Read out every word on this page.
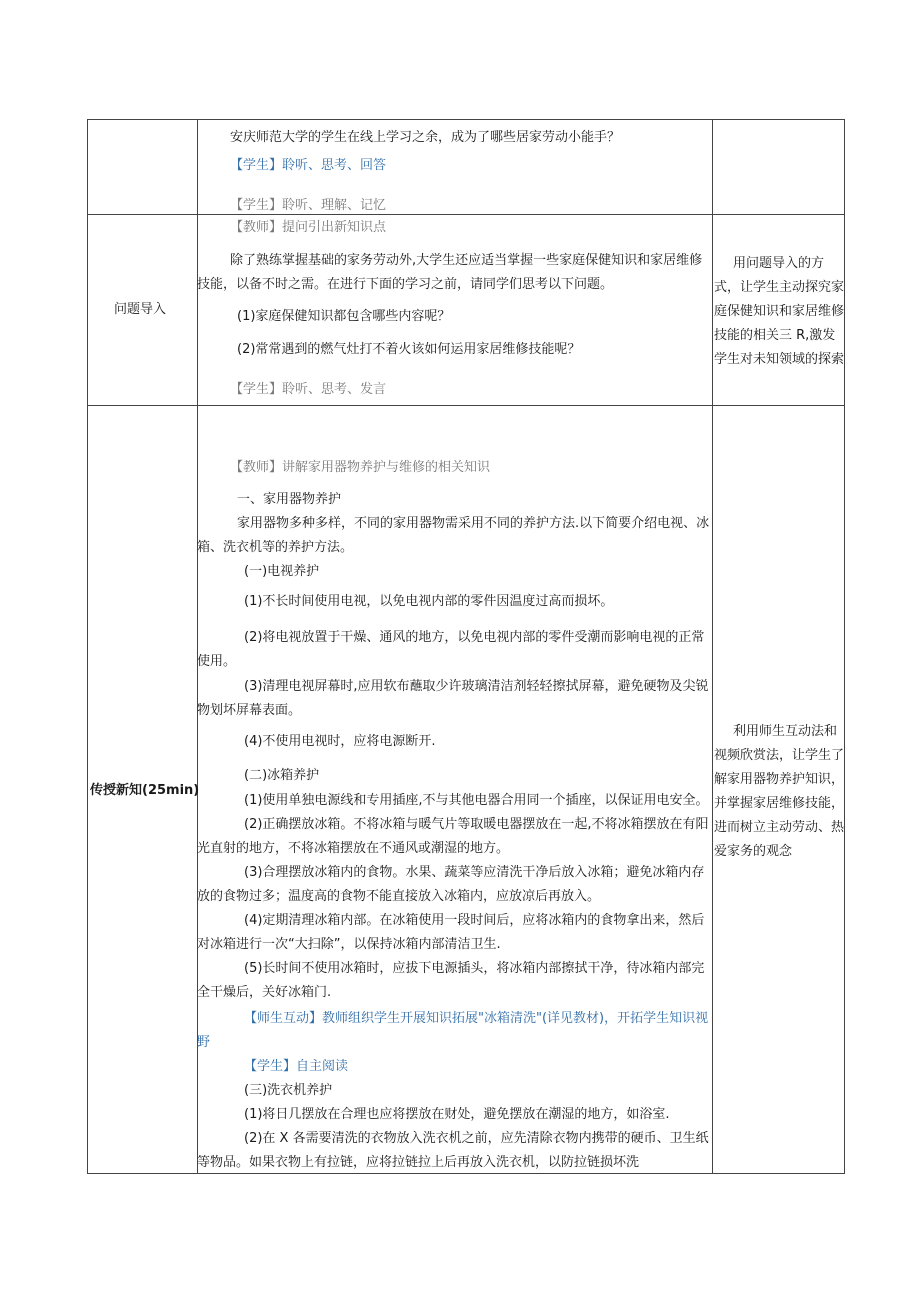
安庆师范大学的学生在线上学习之余，成为了哪些居家劳动小能手？
【学生】聆听、思考、回答
【学生】聆听、理解、记忆
问题导入
【教师】提问引出新知识点
除了熟练掌握基础的家务劳动外,大学生还应适当掌握一些家庭保健知识和家居维修
技能，以备不时之需。在进行下面的学习之前，请同学们思考以下问题。
(1)家庭保健知识都包含哪些内容呢？
(2)常常遇到的燃气灶打不着火该如何运用家居维修技能呢？
【学生】聆听、思考、发言
用问题导入的方
式，让学生主动探究家
庭保健知识和家居维修
技能的相关三 R,激发
学生对未知领域的探索
传授新知(25min)
【教师】讲解家用器物养护与维修的相关知识
一、家用器物养护
家用器物多种多样，不同的家用器物需采用不同的养护方法.以下简要介绍电视、冰
箱、洗衣机等的养护方法。
(一)电视养护
(1)不长时间使用电视，以免电视内部的零件因温度过高而损坏。
(2)将电视放置于干燥、通风的地方，以免电视内部的零件受潮而影响电视的正常
使用。
(3)清理电视屏幕时,应用软布蘸取少许玻璃清洁剂轻轻擦拭屏幕，避免硬物及尖锐
物划坏屏幕表面。
(4)不使用电视时，应将电源断开.
(二)冰箱养护
(1)使用单独电源线和专用插座,不与其他电器合用同一个插座，以保证用电安全。
(2)正确摆放冰箱。不将冰箱与暖气片等取暖电器摆放在一起,不将冰箱摆放在有阳
光直射的地方，不将冰箱摆放在不通风或潮湿的地方。
(3)合理摆放冰箱内的食物。水果、蔬菜等应清洗干净后放入冰箱；避免冰箱内存
放的食物过多；温度高的食物不能直接放入冰箱内，应放凉后再放入。
(4)定期清理冰箱内部。在冰箱使用一段时间后，应将冰箱内的食物拿出来，然后
对冰箱进行一次“大扫除”，以保持冰箱内部清洁卫生.
(5)长时间不使用冰箱时，应拔下电源插头，将冰箱内部擦拭干净，待冰箱内部完
全干燥后，关好冰箱门.
【师生互动】教师组织学生开展知识拓展"冰箱清洗"(详见教材)，开拓学生知识视
野
【学生】自主阅读
(三)洗衣机养护
(1)将日几摆放在合理也应将摆放在财处，避免摆放在潮湿的地方，如浴室.
(2)在 X 各需要清洗的衣物放入洗衣机之前，应先清除衣物内携带的硬币、卫生纸
等物品。如果衣物上有拉链，应将拉链拉上后再放入洗衣机，以防拉链损坏洗
利用师生互动法和
视频欣赏法，让学生了
解家用器物养护知识，
并掌握家居维修技能，
进而树立主动劳动、热
爱家务的观念
